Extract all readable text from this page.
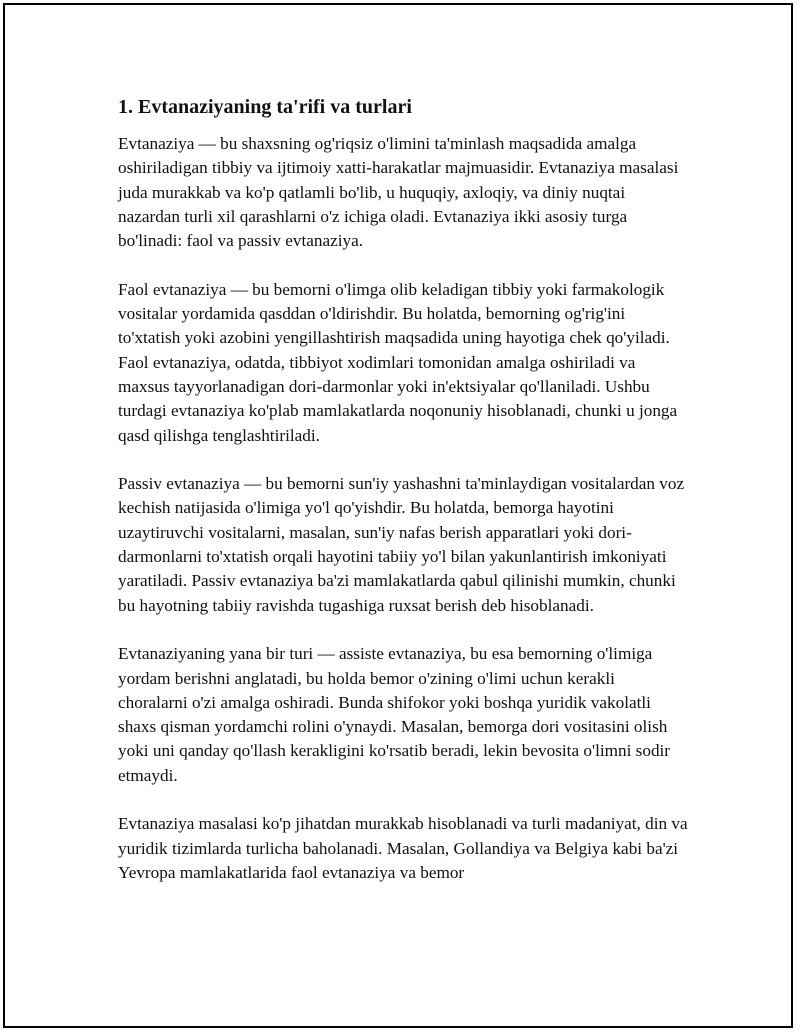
1. Evtanaziyaning ta'rifi va turlari

Evtanaziya — bu shaxsning og'riqsiz o'limini ta'minlash maqsadida amalga oshiriladigan tibbiy va ijtimoiy xatti-harakatlar majmuasidir. Evtanaziya masalasi juda murakkab va ko'p qatlamli bo'lib, u huquqiy, axloqiy, va diniy nuqtai nazardan turli xil qarashlarni o'z ichiga oladi. Evtanaziya ikki asosiy turga bo'linadi: faol va passiv evtanaziya.

Faol evtanaziya — bu bemorni o'limga olib keladigan tibbiy yoki farmakologik vositalar yordamida qasddan o'ldirishdir. Bu holatda, bemorning og'rig'ini to'xtatish yoki azobini yengillashtirish maqsadida uning hayotiga chek qo'yiladi. Faol evtanaziya, odatda, tibbiyot xodimlari tomonidan amalga oshiriladi va maxsus tayyorlanadigan dori-darmonlar yoki in'ektsiyalar qo'llaniladi. Ushbu turdagi evtanaziya ko'plab mamlakatlarda noqonuniy hisoblanadi, chunki u jonga qasd qilishga tenglashtiriladi.

Passiv evtanaziya — bu bemorni sun'iy yashashni ta'minlaydigan vositalardan voz kechish natijasida o'limiga yo'l qo'yishdir. Bu holatda, bemorga hayotini uzaytiruvchi vositalarni, masalan, sun'iy nafas berish apparatlari yoki dori-darmonlarni to'xtatish orqali hayotini tabiiy yo'l bilan yakunlantirish imkoniyati yaratiladi. Passiv evtanaziya ba'zi mamlakatlarda qabul qilinishi mumkin, chunki bu hayotning tabiiy ravishda tugashiga ruxsat berish deb hisoblanadi.

Evtanaziyaning yana bir turi — assiste evtanaziya, bu esa bemorning o'limiga yordam berishni anglatadi, bu holda bemor o'zining o'limi uchun kerakli choralarni o'zi amalga oshiradi. Bunda shifokor yoki boshqa yuridik vakolatli shaxs qisman yordamchi rolini o'ynaydi. Masalan, bemorga dori vositasini olish yoki uni qanday qo'llash kerakligini ko'rsatib beradi, lekin bevosita o'limni sodir etmaydi.

Evtanaziya masalasi ko'p jihatdan murakkab hisoblanadi va turli madaniyat, din va yuridik tizimlarda turlicha baholanadi. Masalan, Gollandiya va Belgiya kabi ba'zi Yevropa mamlakatlarida faol evtanaziya va bemor
